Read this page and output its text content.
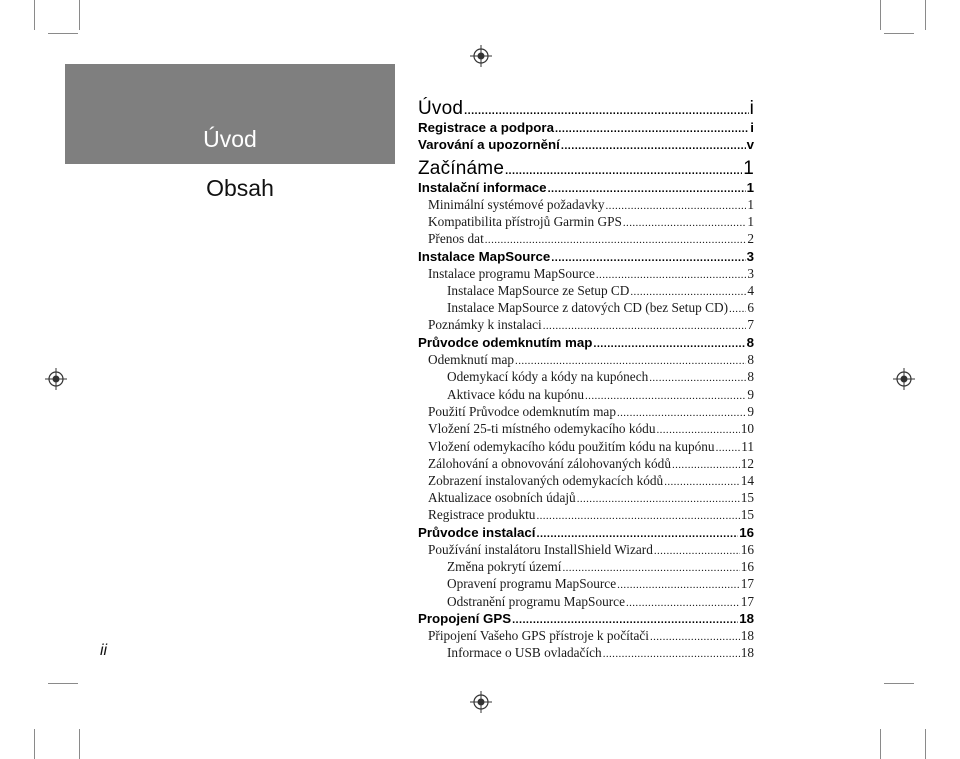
Úvod
Obsah
ii
Úvod .....	i
Registrace a podpora .....	i
Varování a upozornění .....	v
Začínáme .....	1
Instalační informace .....	1
Minimální systémové požadavky .....	1
Kompatibilita přístrojů Garmin GPS .....	1
Přenos dat .....	2
Instalace MapSource .....	3
Instalace programu MapSource .....	3
Instalace MapSource ze Setup CD .....	4
Instalace MapSource z datových CD (bez Setup CD) ..... 6
Poznámky k instalaci .....	7
Průvodce odemknutím map .....	8
Odemknutí map .....	8
Odemykací kódy a kódy na kupónech .....	8
Aktivace kódu na kupónu .....	9
Použití Průvodce odemknutím map .....	9
Vložení 25-ti místného odemykacího kódu .....	10
Vložení odemykacího kódu použitím kódu na kupónu ..... 11
Zálohování a obnovování zálohovaných kódů .....	12
Zobrazení instalovaných odemykacích kódů .....	14
Aktualizace osobních údajů .....	15
Registrace produktu .....	15
Průvodce instalací .....	16
Používání instalátoru InstallShield Wizard .....	16
Změna pokrytí území .....	16
Opravení programu MapSource .....	17
Odstranění programu MapSource .....	17
Propojení GPS .....	18
Připojení Vašeho GPS přístroje k počítači .....	18
Informace o USB ovladačích .....	18
